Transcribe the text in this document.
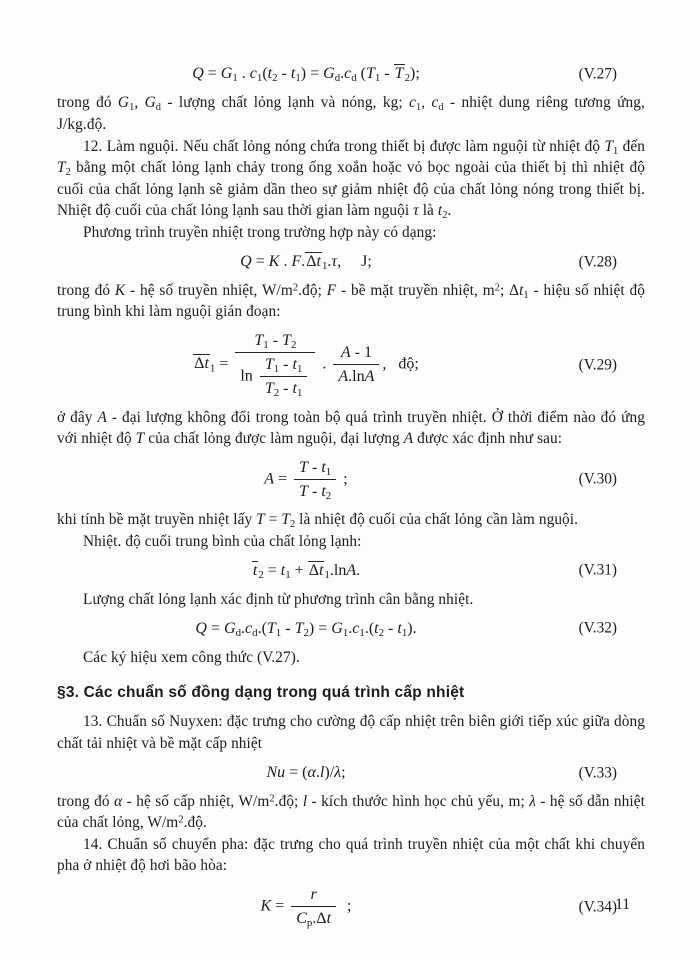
$Q = G_1$ . $c_1(t_2 - t_1) = G_d.c_d$ $(T_1 - T_2)$;	(V.27)

trong đó $G_1$, $G_d$ - lượng chất lỏng lạnh và nóng, kg; $c_1$, $c_d$ - nhiệt dung riêng tương ứng, J/kg.độ.

12. Làm nguội. Nếu chất lỏng nóng chứa trong thiết bị được làm nguội từ nhiệt độ $T_1$ đến $T_2$ bằng một chất lỏng lạnh chảy trong ống xoắn hoặc vỏ bọc ngoài của thiết bị thì nhiệt độ cuối của chất lỏng lạnh sẽ giảm dần theo sự giảm nhiệt độ của chất lỏng nóng trong thiết bị. Nhiệt độ cuối của chất lỏng lạnh sau thời gian làm nguội τ là $t_2$.

Phương trình truyền nhiệt trong trường hợp này có dạng:

Q = K . $F.\Delta t_1.\tau$,     J;	(V.28)

trong đó K - hệ số truyền nhiệt, $W/m^2.độ$; F - bề mặt truyền nhiệt, $m^2$; $\Delta t_1$ - hiệu số nhiệt độ trung bình khi làm nguội gián đoạn:

$\Delta t_1 = \frac{T_1 - T_2}{\ln \frac{T_1 - t_1}{T_2 - t_1}}$ . $\frac{A - 1}{A.\ln A}$ ,   độ;	(V.29)

ở đây A - đại lượng không đổi trong toàn bộ quá trình truyền nhiệt. Ở thời điểm nào đó ứng với nhiệt độ T của chất lỏng được làm nguội, đại lượng A được xác định như sau:

$A = \frac{T - t_1}{T - t_2}$ ;	(V.30)

khi tính bề mặt truyền nhiệt lấy $T = T_2$ là nhiệt độ cuối của chất lỏng cần làm nguội.

Nhiệt. độ cuối trung bình của chất lỏng lạnh:

$t_2 = t_1 + \Delta t_1.\ln A$.	(V.31)

Lượng chất lỏng lạnh xác định từ phương trình cân bằng nhiệt.

$Q = G_d.c_d.(T_1 - T_2) = G_1.c_1.(t_2 - t_1)$.	(V.32)

Các ký hiệu xem công thức (V.27).

§3. Các chuẩn số đồng dạng trong quá trình cấp nhiệt

13. Chuẩn số Nuyxen: đặc trưng cho cường độ cấp nhiệt trên biên giới tiếp xúc giữa dòng chất tải nhiệt và bề mặt cấp nhiệt

Nu = (α.l)/λ;	(V.33)

trong đó α - hệ số cấp nhiệt, $W/m^2.độ$; l - kích thước hình học chủ yếu, m; λ - hệ số dẫn nhiệt của chất lỏng, $W/m^2.độ$.

14. Chuẩn số chuyển pha: đặc trưng cho quá trình truyền nhiệt của một chất khi chuyển pha ở nhiệt độ hơi bão hòa:

$K = \frac{r}{C_p.\Delta t}$ ;	(V.34)
11
